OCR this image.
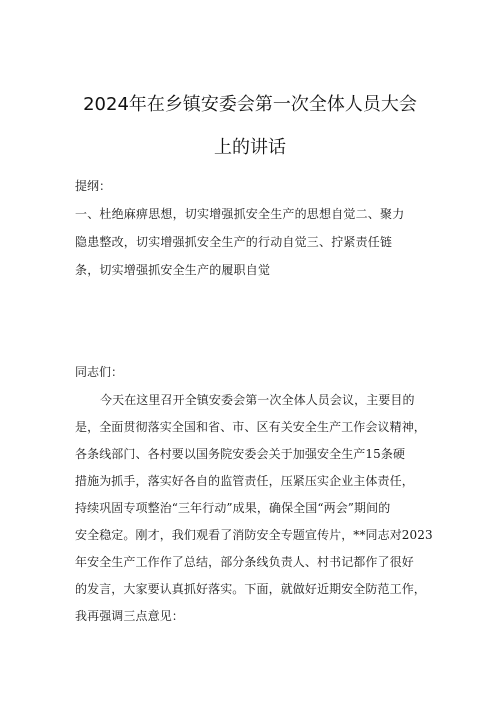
2024年在乡镇安委会第一次全体人员大会
上的讲话
提纲：
一、杜绝麻痹思想，切实增强抓安全生产的思想自觉二、聚力
隐患整改，切实增强抓安全生产的行动自觉三、拧紧责任链
条，切实增强抓安全生产的履职自觉
同志们：
今天在这里召开全镇安委会第一次全体人员会议，主要目的
是，全面贯彻落实全国和省、市、区有关安全生产工作会议精神，
各条线部门、各村要以国务院安委会关于加强安全生产15条硬
措施为抓手，落实好各自的监管责任，压紧压实企业主体责任，
持续巩固专项整治“三年行动”成果，确保全国“两会”期间的
安全稳定。刚才，我们观看了消防安全专题宣传片，**同志对2023
年安全生产工作作了总结，部分条线负责人、村书记都作了很好
的发言，大家要认真抓好落实。下面，就做好近期安全防范工作，
我再强调三点意见：
